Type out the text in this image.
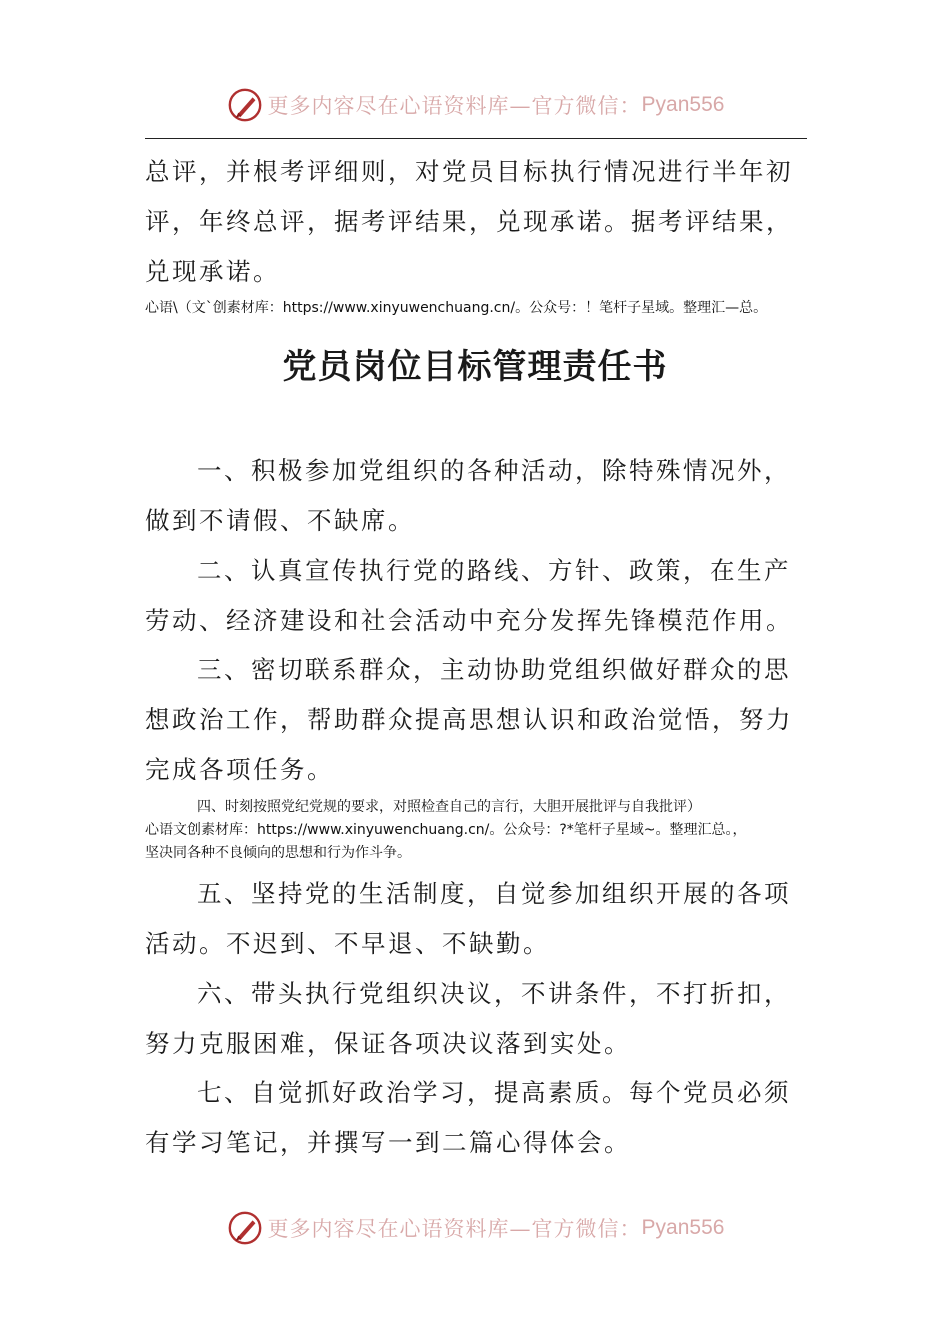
更多内容尽在心语资料库—官方微信： Pyan556
总评，并根考评细则，对党员目标执行情况进行半年初评，年终总评，据考评结果，兑现承诺。据考评结果，兑现承诺。
心语\（文`创素材库：https://www.xinyuwenchuang.cn/。公众号：！笔杆子星域。整理汇—总。
党员岗位目标管理责任书
一、积极参加党组织的各种活动，除特殊情况外，做到不请假、不缺席。
二、认真宣传执行党的路线、方针、政策，在生产劳动、经济建设和社会活动中充分发挥先锋模范作用。
三、密切联系群众，主动协助党组织做好群众的思想政治工作，帮助群众提高思想认识和政治觉悟，努力完成各项任务。
四、时刻按照党纪党规的要求，对照检查自己的言行，大胆开展批评与自我批评）
心语文创素材库：https://www.xinyuwenchuang.cn/。公众号：?*笔杆子星域~。整理汇总。，
坚决同各种不良倾向的思想和行为作斗争。
五、坚持党的生活制度，自觉参加组织开展的各项活动。不迟到、不早退、不缺勤。
六、带头执行党组织决议，不讲条件，不打折扣，努力克服困难，保证各项决议落到实处。
七、自觉抓好政治学习，提高素质。每个党员必须有学习笔记，并撰写一到二篇心得体会。
更多内容尽在心语资料库—官方微信： Pyan556
